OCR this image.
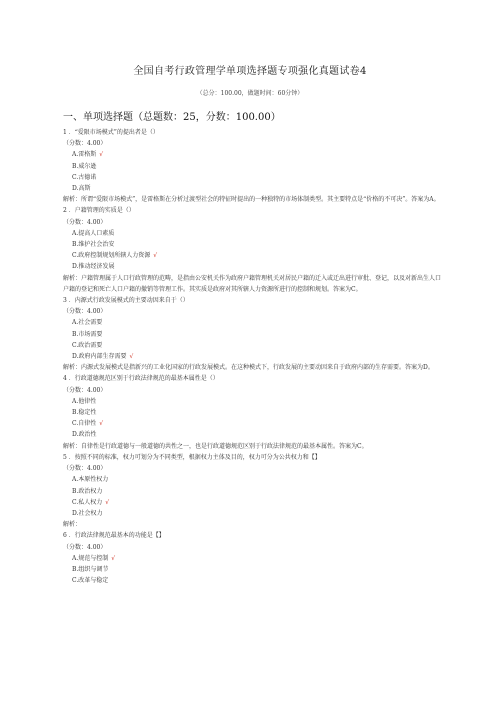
全国自考行政管理学单项选择题专项强化真题试卷4
（总分：100.00，做题时间：60分钟）
一、单项选择题（总题数：25，分数：100.00）
1 ．“爱限市场模式”的提出者是（）
（分数：4.00）
A.雷格斯 √
B.威尔逊
C.古德诺
D.高斯
解析：所谓“爱限市场模式”，是雷格斯在分析过渡型社会的特征时提出的一种独特的市场体制类型。其主要特点是“价格的不可决”。答案为A。
2 ．户籍管理的实质是（）
（分数：4.00）
A.提高人口素质
B.维护社会治安
C.政府控制规划所辖人力资源 √
D.推动经济发展
解析：户籍管理属于人口行政管理的范畴，是指由公安机关作为政府户籍管理机关对居民户籍的迁入或迁出进行审批、登记，以及对新出生人口户籍的登记和死亡人口户籍的撤销等管理工作。其实质是政府对其所辖人力资源所进行的控制和规划。答案为C。
3 ．内源式行政发展模式的主要动因来自于（）
（分数：4.00）
A.社会需要
B.市场需要
C.政治需要
D.政府内部生存需要 √
解析：内源式发展模式是指新兴的工业化国家的行政发展模式。在这种模式下，行政发展的主要动因来自于政府内部的生存需要。答案为D。
4 ．行政道德规范区别于行政法律规范的最基本属性是（）
（分数：4.00）
A.他律性
B.稳定性
C.自律性 √
D.政治性
解析：自律性是行政道德与一般道德的共性之一，也是行政道德规范区别于行政法律规范的最基本属性。答案为C。
5 ．按照不同的标准，权力可划分为不同类型，根据权力主体及目的，权力可分为公共权力和【】
（分数：4.00）
A.本原性权力
B.政治权力
C.私人权力 √
D.社会权力
解析：
6 ．行政法律规范最基本的功能是【】
（分数：4.00）
A.规范与控制 √
B.组织与调节
C.改革与稳定
